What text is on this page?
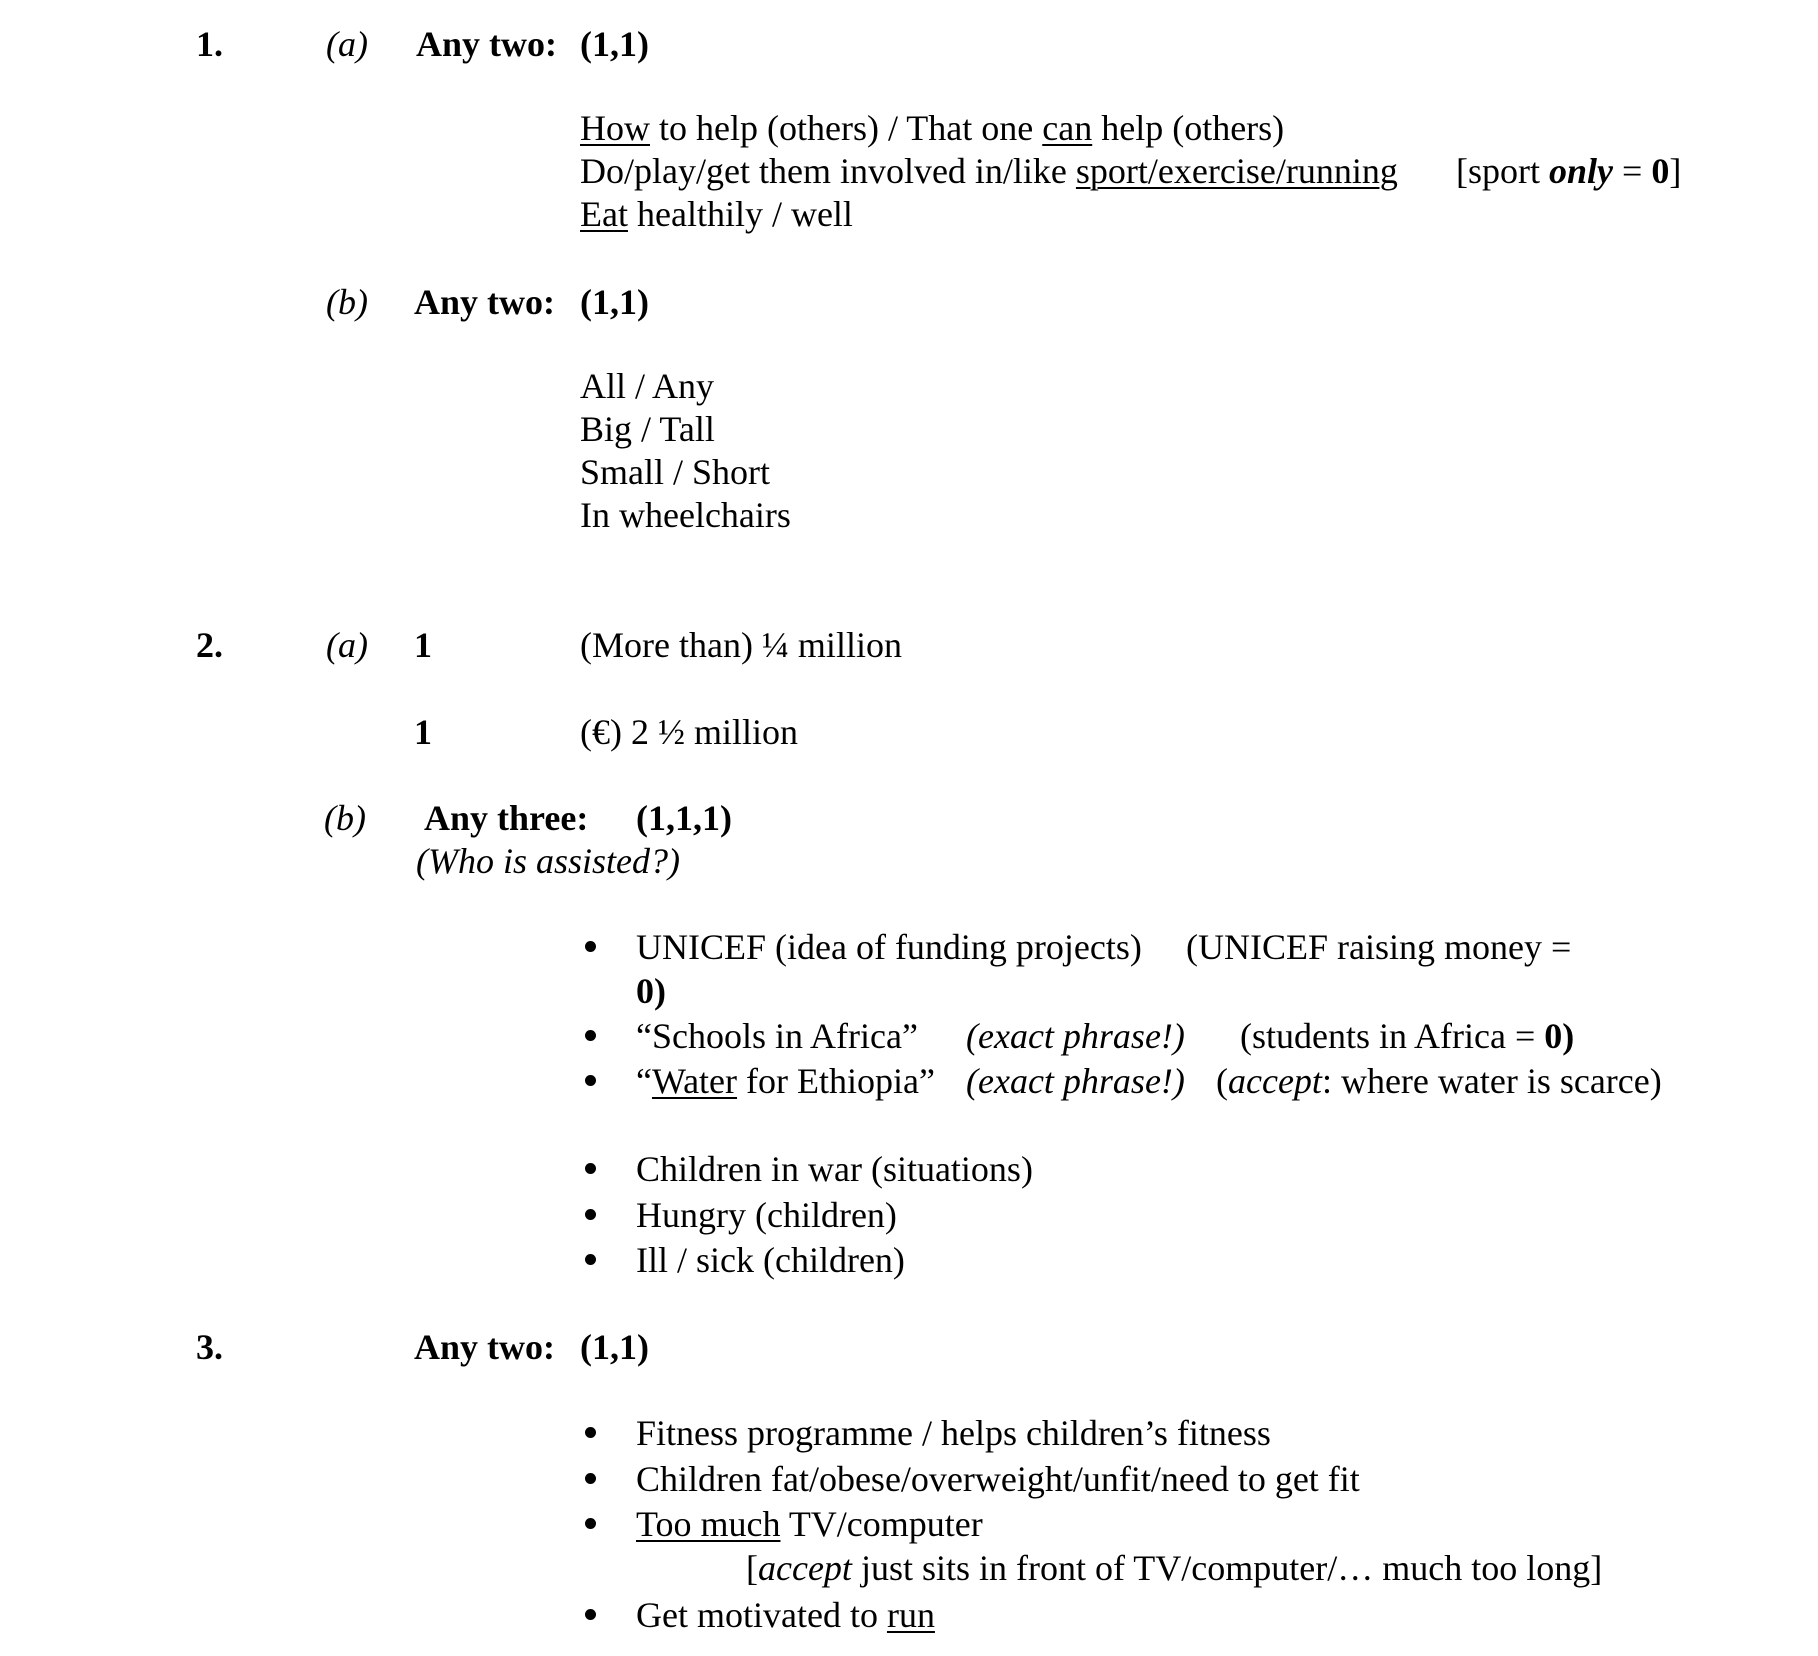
1.	(a) Any two: (1,1)
How to help (others) / That one can help (others)
Do/play/get them involved in/like sport/exercise/running [sport only = 0]
Eat healthily / well
(b) Any two: (1,1)
All / Any
Big / Tall
Small / Short
In wheelchairs
2.	(a) 1	(More than) ¼ million
1	(€) 2 ½ million
(b) Any three: (1,1,1)
(Who is assisted?)
UNICEF (idea of funding projects) (UNICEF raising money =
0)
“Schools in Africa” (exact phrase!) (students in Africa = 0)
“Water for Ethiopia” (exact phrase!) (accept: where water is scarce)
Children in war (situations)
Hungry (children)
Ill / sick (children)
3.	Any two: (1,1)
Fitness programme / helps children’s fitness
Children fat/obese/overweight/unfit/need to get fit
Too much TV/computer
[accept just sits in front of TV/computer/… much too long]
Get motivated to run
